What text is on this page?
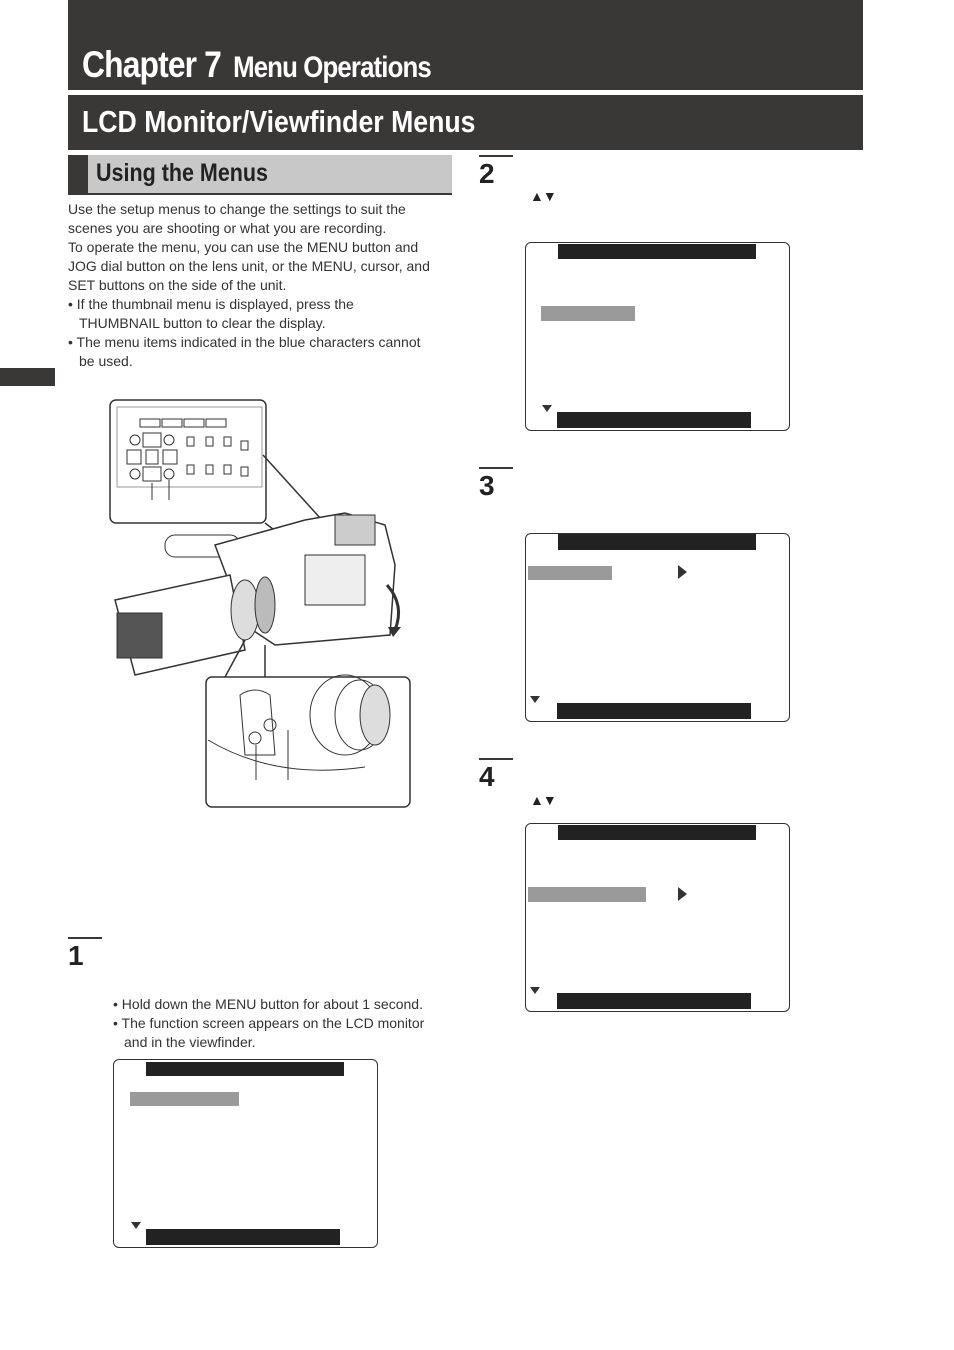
Chapter 7 Menu Operations
LCD Monitor/Viewfinder Menus
Using the Menus
Use the setup menus to change the settings to suit the
scenes you are shooting or what you are recording.
To operate the menu, you can use the MENU button and
JOG dial button on the lens unit, or the MENU, cursor, and
SET buttons on the side of the unit.
• If the thumbnail menu is displayed, press the
THUMBNAIL button to clear the display.
• The menu items indicated in the blue characters cannot
be used.
1
• Hold down the MENU button for about 1 second.
• The function screen appears on the LCD monitor
and in the viewfinder.
2
▲▼
3
4
▲▼
